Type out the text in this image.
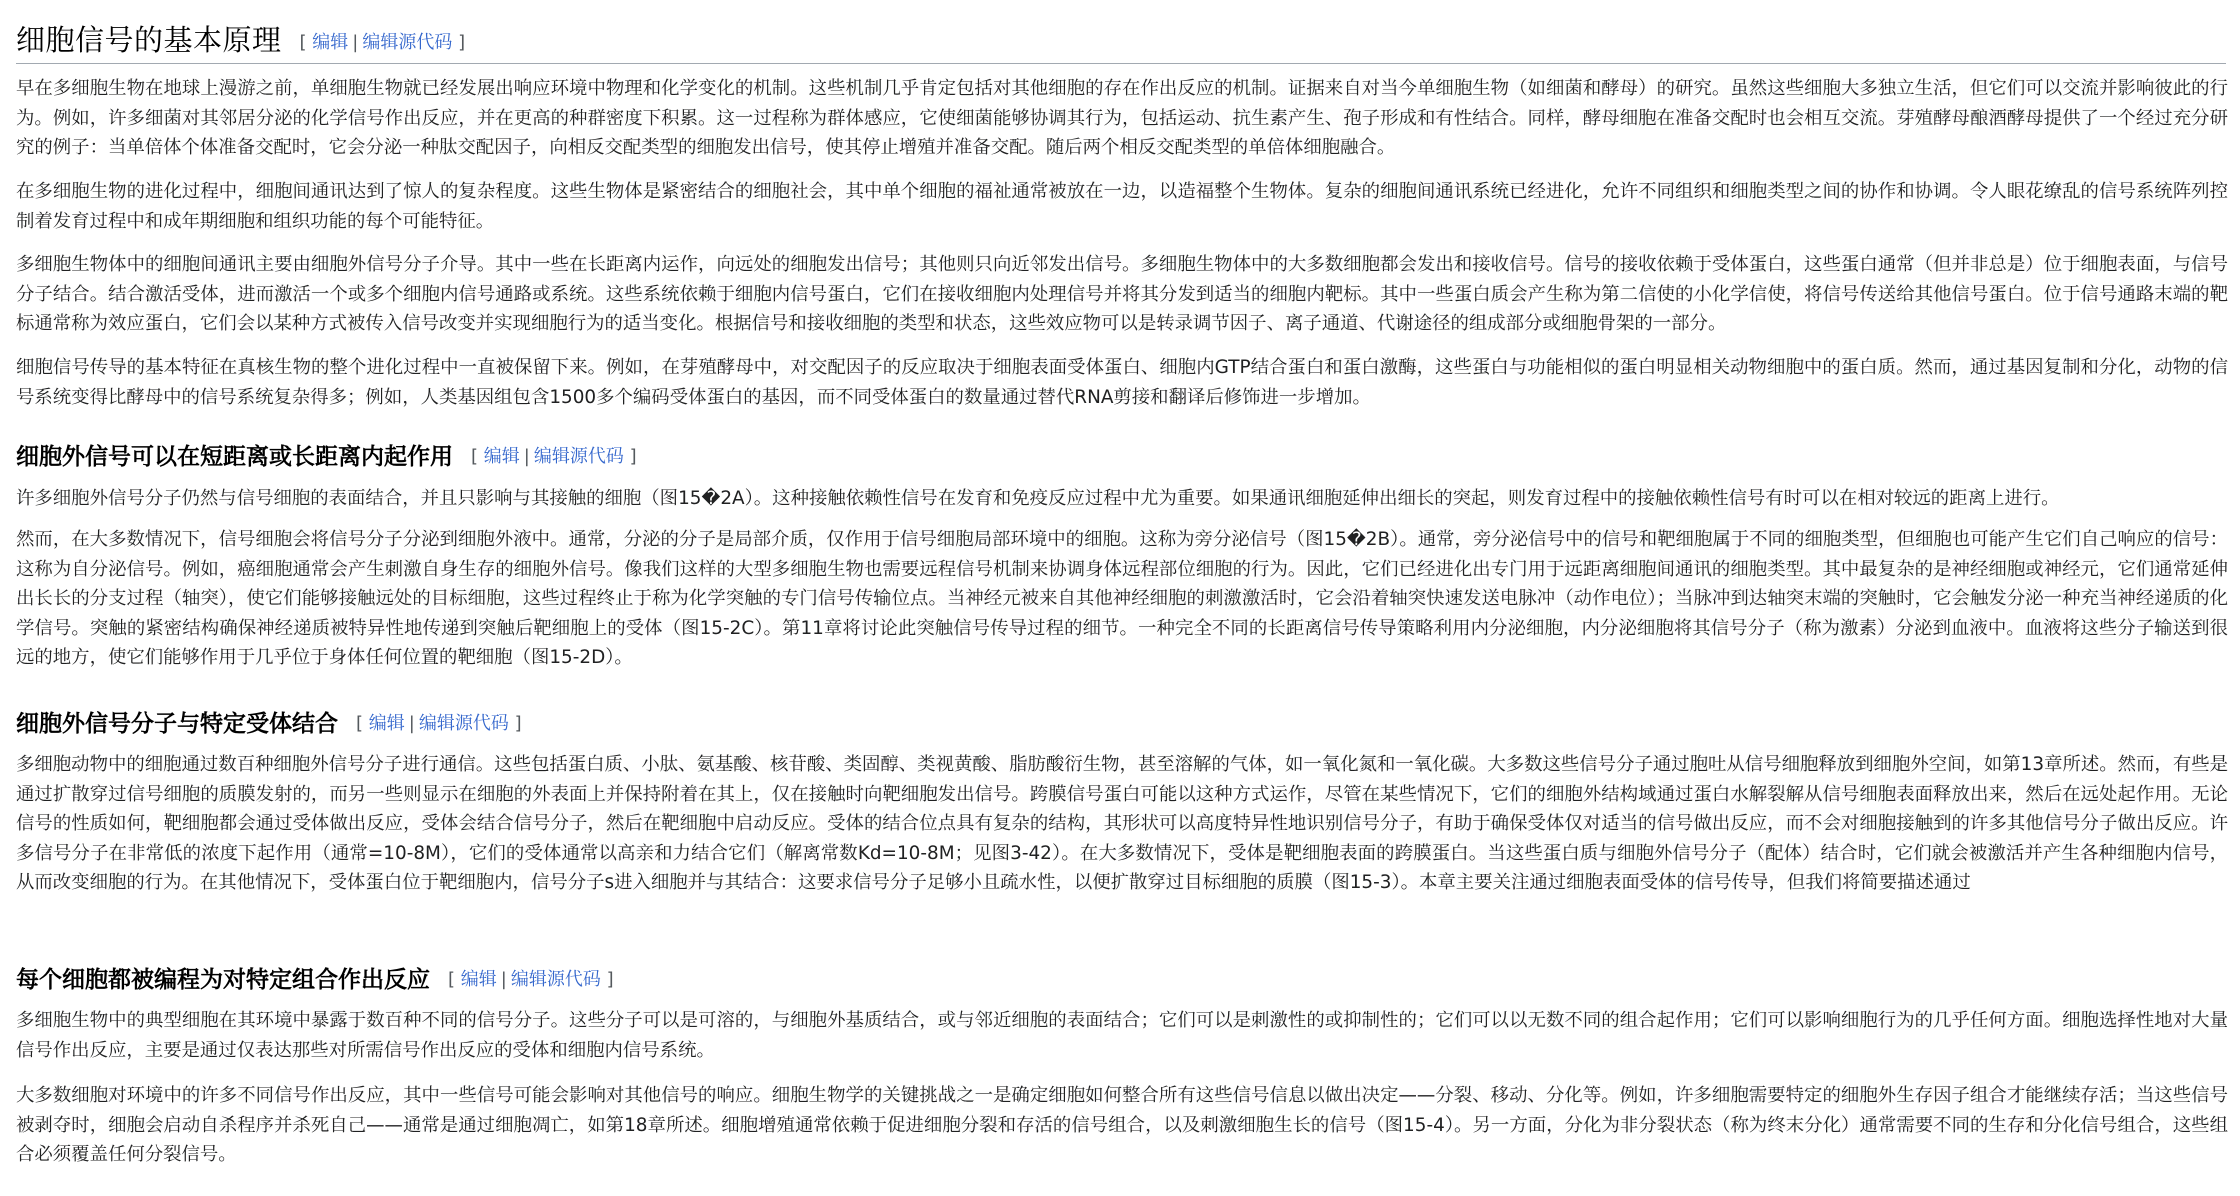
细胞信号的基本原理 [ 编辑 | 编辑源代码 ]

早在多细胞生物在地球上漫游之前，单细胞生物就已经发展出响应环境中物理和化学变化的机制。这些机制几乎肯定包括对其他细胞的存在作出反应的机制。证据来自对当今单细胞生物（如细菌和酵母）的研究。虽然这些细胞大多独立生活，但它们可以交流并影响彼此的行为。例如，许多细菌对其邻居分泌的化学信号作出反应，并在更高的种群密度下积累。这一过程称为群体感应，它使细菌能够协调其行为，包括运动、抗生素产生、孢子形成和有性结合。同样，酵母细胞在准备交配时也会相互交流。芽殖酵母酿酒酵母提供了一个经过充分研究的例子：当单倍体个体准备交配时，它会分泌一种肽交配因子，向相反交配类型的细胞发出信号，使其停止增殖并准备交配。随后两个相反交配类型的单倍体细胞融合。

在多细胞生物的进化过程中，细胞间通讯达到了惊人的复杂程度。这些生物体是紧密结合的细胞社会，其中单个细胞的福祉通常被放在一边，以造福整个生物体。复杂的细胞间通讯系统已经进化，允许不同组织和细胞类型之间的协作和协调。令人眼花缭乱的信号系统阵列控制着发育过程中和成年期细胞和组织功能的每个可能特征。

多细胞生物体中的细胞间通讯主要由细胞外信号分子介导。其中一些在长距离内运作，向远处的细胞发出信号；其他则只向近邻发出信号。多细胞生物体中的大多数细胞都会发出和接收信号。信号的接收依赖于受体蛋白，这些蛋白通常（但并非总是）位于细胞表面，与信号分子结合。结合激活受体，进而激活一个或多个细胞内信号通路或系统。这些系统依赖于细胞内信号蛋白，它们在接收细胞内处理信号并将其分发到适当的细胞内靶标。其中一些蛋白质会产生称为第二信使的小化学信使，将信号传送给其他信号蛋白。位于信号通路末端的靶标通常称为效应蛋白，它们会以某种方式被传入信号改变并实现细胞行为的适当变化。根据信号和接收细胞的类型和状态，这些效应物可以是转录调节因子、离子通道、代谢途径的组成部分或细胞骨架的一部分。

细胞信号传导的基本特征在真核生物的整个进化过程中一直被保留下来。例如，在芽殖酵母中，对交配因子的反应取决于细胞表面受体蛋白、细胞内GTP结合蛋白和蛋白激酶，这些蛋白与功能相似的蛋白明显相关动物细胞中的蛋白质。然而，通过基因复制和分化，动物的信号系统变得比酵母中的信号系统复杂得多；例如，人类基因组包含1500多个编码受体蛋白的基因，而不同受体蛋白的数量通过替代RNA剪接和翻译后修饰进一步增加。

细胞外信号可以在短距离或长距离内起作用 [ 编辑 | 编辑源代码 ]

许多细胞外信号分子仍然与信号细胞的表面结合，并且只影响与其接触的细胞（图15�2A）。这种接触依赖性信号在发育和免疫反应过程中尤为重要。如果通讯细胞延伸出细长的突起，则发育过程中的接触依赖性信号有时可以在相对较远的距离上进行。

然而，在大多数情况下，信号细胞会将信号分子分泌到细胞外液中。通常，分泌的分子是局部介质，仅作用于信号细胞局部环境中的细胞。这称为旁分泌信号（图15�2B）。通常，旁分泌信号中的信号和靶细胞属于不同的细胞类型，但细胞也可能产生它们自己响应的信号：这称为自分泌信号。例如，癌细胞通常会产生刺激自身生存的细胞外信号。像我们这样的大型多细胞生物也需要远程信号机制来协调身体远程部位细胞的行为。因此，它们已经进化出专门用于远距离细胞间通讯的细胞类型。其中最复杂的是神经细胞或神经元，它们通常延伸出长长的分支过程（轴突），使它们能够接触远处的目标细胞，这些过程终止于称为化学突触的专门信号传输位点。当神经元被来自其他神经细胞的刺激激活时，它会沿着轴突快速发送电脉冲（动作电位）；当脉冲到达轴突末端的突触时，它会触发分泌一种充当神经递质的化学信号。突触的紧密结构确保神经递质被特异性地传递到突触后靶细胞上的受体（图15-2C）。第11章将讨论此突触信号传导过程的细节。一种完全不同的长距离信号传导策略利用内分泌细胞，内分泌细胞将其信号分子（称为激素）分泌到血液中。血液将这些分子输送到很远的地方，使它们能够作用于几乎位于身体任何位置的靶细胞（图15-2D）。

细胞外信号分子与特定受体结合 [ 编辑 | 编辑源代码 ]

多细胞动物中的细胞通过数百种细胞外信号分子进行通信。这些包括蛋白质、小肽、氨基酸、核苷酸、类固醇、类视黄酸、脂肪酸衍生物，甚至溶解的气体，如一氧化氮和一氧化碳。大多数这些信号分子通过胞吐从信号细胞释放到细胞外空间，如第13章所述。然而，有些是通过扩散穿过信号细胞的质膜发射的，而另一些则显示在细胞的外表面上并保持附着在其上，仅在接触时向靶细胞发出信号。跨膜信号蛋白可能以这种方式运作，尽管在某些情况下，它们的细胞外结构域通过蛋白水解裂解从信号细胞表面释放出来，然后在远处起作用。无论信号的性质如何，靶细胞都会通过受体做出反应，受体会结合信号分子，然后在靶细胞中启动反应。受体的结合位点具有复杂的结构，其形状可以高度特异性地识别信号分子，有助于确保受体仅对适当的信号做出反应，而不会对细胞接触到的许多其他信号分子做出反应。许多信号分子在非常低的浓度下起作用（通常=10-8M），它们的受体通常以高亲和力结合它们（解离常数Kd=10-8M；见图3-42）。在大多数情况下，受体是靶细胞表面的跨膜蛋白。当这些蛋白质与细胞外信号分子（配体）结合时，它们就会被激活并产生各种细胞内信号，从而改变细胞的行为。在其他情况下，受体蛋白位于靶细胞内，信号分子s进入细胞并与其结合：这要求信号分子足够小且疏水性，以便扩散穿过目标细胞的质膜（图15-3）。本章主要关注通过细胞表面受体的信号传导，但我们将简要描述通过

每个细胞都被编程为对特定组合作出反应 [ 编辑 | 编辑源代码 ]

多细胞生物中的典型细胞在其环境中暴露于数百种不同的信号分子。这些分子可以是可溶的，与细胞外基质结合，或与邻近细胞的表面结合；它们可以是刺激性的或抑制性的；它们可以以无数不同的组合起作用；它们可以影响细胞行为的几乎任何方面。细胞选择性地对大量信号作出反应，主要是通过仅表达那些对所需信号作出反应的受体和细胞内信号系统。

大多数细胞对环境中的许多不同信号作出反应，其中一些信号可能会影响对其他信号的响应。细胞生物学的关键挑战之一是确定细胞如何整合所有这些信号信息以做出决定——分裂、移动、分化等。例如，许多细胞需要特定的细胞外生存因子组合才能继续存活；当这些信号被剥夺时，细胞会启动自杀程序并杀死自己——通常是通过细胞凋亡，如第18章所述。细胞增殖通常依赖于促进细胞分裂和存活的信号组合，以及刺激细胞生长的信号（图15-4）。另一方面，分化为非分裂状态（称为终末分化）通常需要不同的生存和分化信号组合，这些组合必须覆盖任何分裂信号。
